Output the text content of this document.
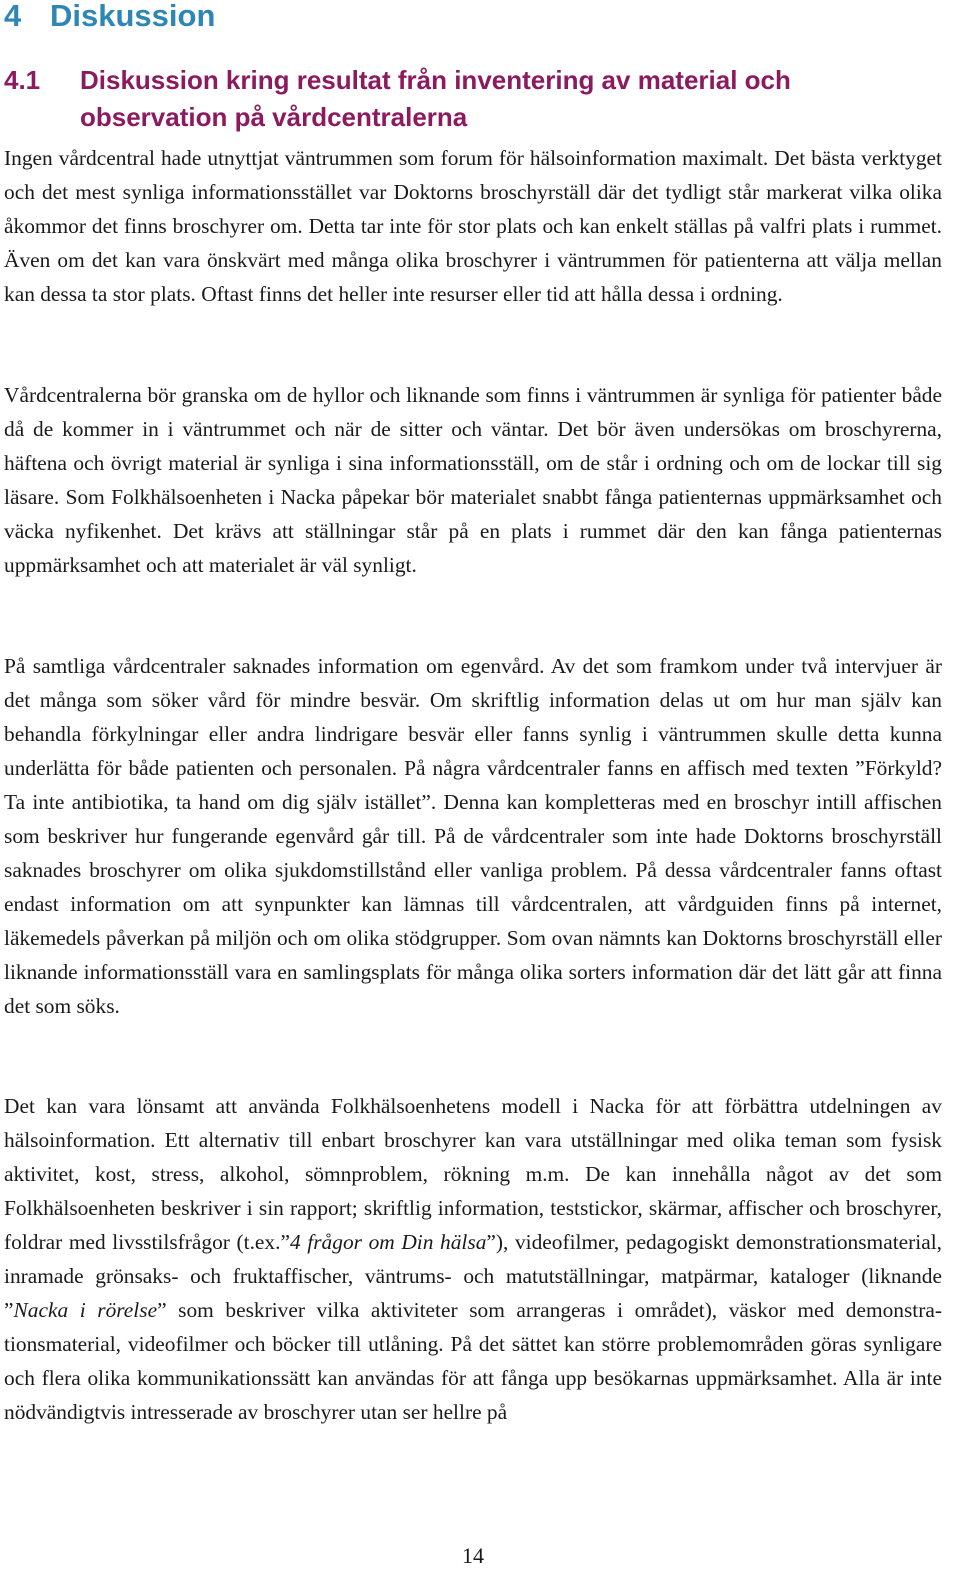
4 Diskussion
4.1	Diskussion kring resultat från inventering av material och observation på vårdcentralerna

Ingen vårdcentral hade utnyttjat väntrummen som forum för hälsoinformation maximalt. Det bästa verktyget och det mest synliga informationsstället var Doktorns broschyrställ där det tydligt står markerat vilka olika åkommor det finns broschyrer om. Detta tar inte för stor plats och kan enkelt ställas på valfri plats i rummet. Även om det kan vara önskvärt med många olika broschyrer i väntrummen för patienterna att välja mellan kan dessa ta stor plats. Oftast finns det heller inte resurser eller tid att hålla dessa i ordning.

Vårdcentralerna bör granska om de hyllor och liknande som finns i väntrummen är synliga för patienter både då de kommer in i väntrummet och när de sitter och väntar. Det bör även undersökas om broschyrerna, häftena och övrigt material är synliga i sina informationsställ, om de står i ordning och om de lockar till sig läsare. Som Folkhälsoenheten i Nacka påpekar bör materialet snabbt fånga patienternas uppmärksamhet och väcka nyfikenhet. Det krävs att ställningar står på en plats i rummet där den kan fånga patienternas uppmärksamhet och att materialet är väl synligt.

På samtliga vårdcentraler saknades information om egenvård. Av det som framkom under två intervjuer är det många som söker vård för mindre besvär. Om skriftlig information delas ut om hur man själv kan behandla förkylningar eller andra lindrigare besvär eller fanns synlig i väntrummen skulle detta kunna underlätta för både patienten och personalen. På några vårdcentraler fanns en affisch med texten ”Förkyld? Ta inte antibiotika, ta hand om dig själv istället”. Denna kan kompletteras med en broschyr intill affischen som beskriver hur fungerande egenvård går till. På de vårdcentraler som inte hade Doktorns broschyrställ saknades broschyrer om olika sjukdomstillstånd eller vanliga problem. På dessa vårdcentraler fanns oftast endast information om att synpunkter kan lämnas till vårdcentralen, att vårdguiden finns på internet, läkemedels påverkan på miljön och om olika stödgrupper. Som ovan nämnts kan Doktorns broschyrställ eller liknande informationsställ vara en samlingsplats för många olika sorters information där det lätt går att finna det som söks.

Det kan vara lönsamt att använda Folkhälsoenhetens modell i Nacka för att förbättra utdelningen av hälsoinformation. Ett alternativ till enbart broschyrer kan vara utställningar med olika teman som fysisk aktivitet, kost, stress, alkohol, sömnproblem, rökning m.m. De kan innehålla något av det som Folkhälsoenheten beskriver i sin rapport; skriftlig information, teststickor, skärmar, affischer och broschyrer, foldrar med livsstilsfrågor (t.ex.”4 frågor om Din hälsa”), videofilmer, pedagogiskt demonstrationsmaterial, inramade grönsaks- och fruktaffischer, väntrums- och matutställningar, matpärmar, kataloger (liknande ”Nacka i rörelse” som beskriver vilka aktiviteter som arrangeras i området), väskor med demonstrationsmaterial, videofilmer och böcker till utlåning. På det sättet kan större problemområden göras synligare och flera olika kommunikationssätt kan användas för att fånga upp besökarnas uppmärksamhet. Alla är inte nödvändigtvis intresserade av broschyrer utan ser hellre på

14
